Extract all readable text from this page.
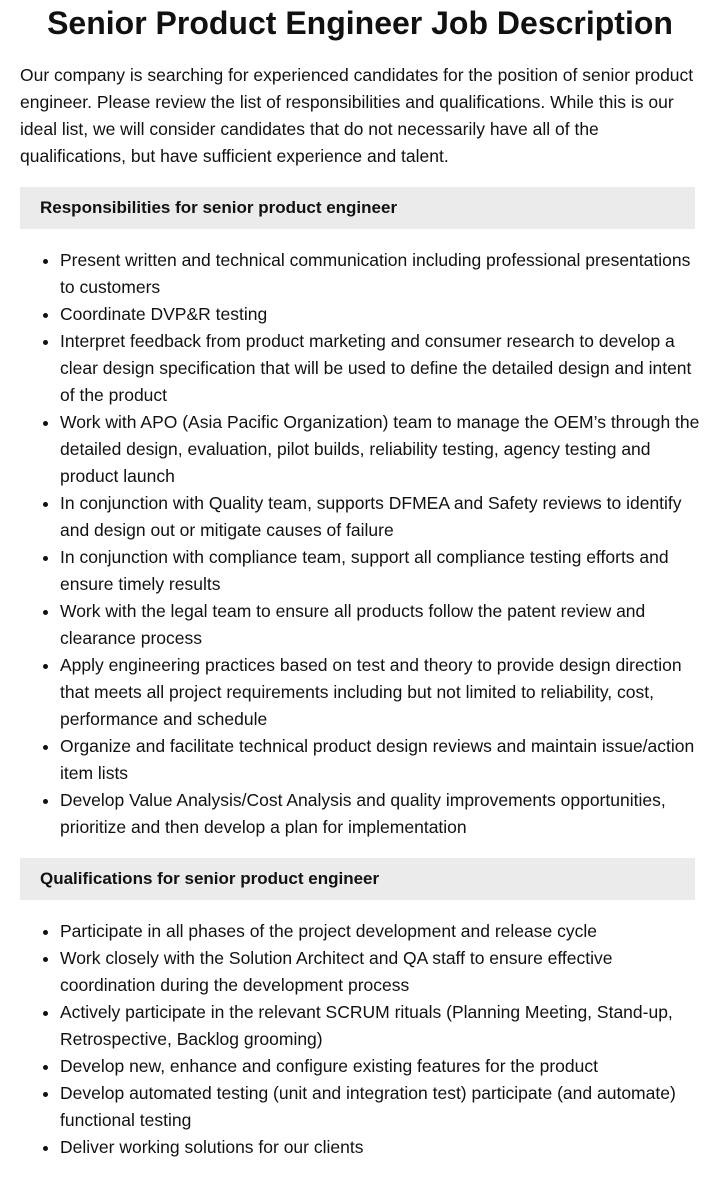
Senior Product Engineer Job Description

Our company is searching for experienced candidates for the position of senior product engineer. Please review the list of responsibilities and qualifications. While this is our ideal list, we will consider candidates that do not necessarily have all of the qualifications, but have sufficient experience and talent.

Responsibilities for senior product engineer
• Present written and technical communication including professional presentations to customers
• Coordinate DVP&R testing
• Interpret feedback from product marketing and consumer research to develop a clear design specification that will be used to define the detailed design and intent of the product
• Work with APO (Asia Pacific Organization) team to manage the OEM’s through the detailed design, evaluation, pilot builds, reliability testing, agency testing and product launch
• In conjunction with Quality team, supports DFMEA and Safety reviews to identify and design out or mitigate causes of failure
• In conjunction with compliance team, support all compliance testing efforts and ensure timely results
• Work with the legal team to ensure all products follow the patent review and clearance process
• Apply engineering practices based on test and theory to provide design direction that meets all project requirements including but not limited to reliability, cost, performance and schedule
• Organize and facilitate technical product design reviews and maintain issue/action item lists
• Develop Value Analysis/Cost Analysis and quality improvements opportunities, prioritize and then develop a plan for implementation
Qualifications for senior product engineer
• Participate in all phases of the project development and release cycle
• Work closely with the Solution Architect and QA staff to ensure effective coordination during the development process
• Actively participate in the relevant SCRUM rituals (Planning Meeting, Stand-up, Retrospective, Backlog grooming)
• Develop new, enhance and configure existing features for the product
• Develop automated testing (unit and integration test) participate (and automate) functional testing
• Deliver working solutions for our clients
